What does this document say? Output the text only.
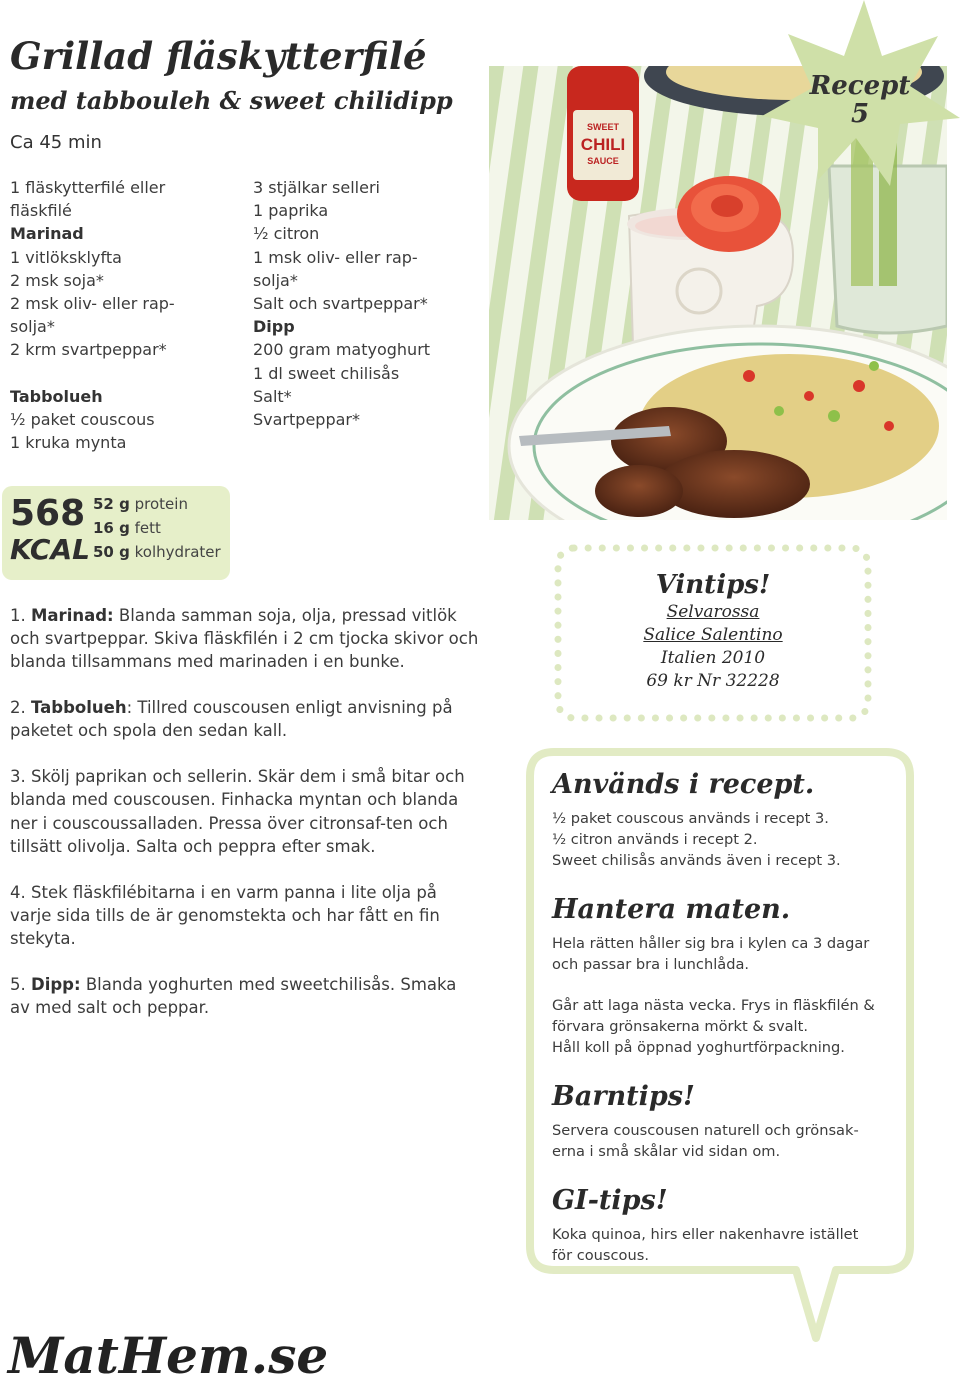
Grillad fläskytterfilé
med tabbouleh & sweet chilidipp
Ca 45 min
1 fläskytterfilé eller
fläskfilé
Marinad
1 vitlöksklyfta
2 msk soja*
2 msk oliv- eller rap-
solja*
2 krm svartpeppar*
Tabbolueh
½ paket couscous
1 kruka mynta
3 stjälkar selleri
1 paprika
½ citron
1 msk oliv- eller rap-
solja*
Salt och svartpeppar*
Dipp
200 gram matyoghurt
1 dl sweet chilisås
Salt*
Svartpeppar*
SWEET
CHILI
SAUCE
Recept
5
568
KCAL
52 g protein
16 g fett
50 g kolhydrater

1. Marinad: Blanda samman soja, olja, pressad vitlök och svartpeppar. Skiva fläskfilén i 2 cm tjocka skivor och blanda tillsammans med marinaden i en bunke.

2. Tabbolueh: Tillred couscousen enligt anvisning på paketet och spola den sedan kall.

3. Skölj paprikan och sellerin. Skär dem i små bitar och blanda med couscousen. Finhacka myntan och blanda ner i couscoussalladen. Pressa över citronsaf-ten och tillsätt olivolja. Salta och peppra efter smak.

4. Stek fläskfilébitarna i en varm panna i lite olja på varje sida tills de är genomstekta och har fått en fin stekyta.

5. Dipp: Blanda yoghurten med sweetchilisås. Smaka av med salt och peppar.

Vintips!
Selvarossa
Salice Salentino
Italien 2010
69 kr Nr 32228
Används i recept.
½ paket couscous används i recept 3.
½ citron används i recept 2.
Sweet chilisås används även i recept 3.
Hantera maten.
Hela rätten håller sig bra i kylen ca 3 dagar
och passar bra i lunchlåda.
Går att laga nästa vecka. Frys in fläskfilén &
förvara grönsakerna mörkt & svalt.
Håll koll på öppnad yoghurtförpackning.
Barntips!
Servera couscousen naturell och grönsak-
erna i små skålar vid sidan om.
GI-tips!
Koka quinoa, hirs eller nakenhavre istället
för couscous.
MatHem.se
